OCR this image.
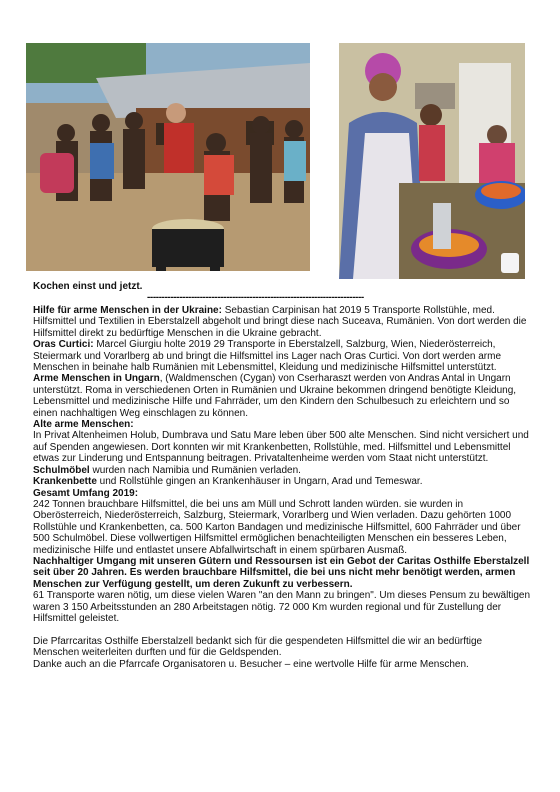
Kochen einst und jetzt.

--------------------------------------------------------------------------

Hilfe für arme Menschen in der Ukraine: Sebastian Carpinisan hat 2019 5 Transporte Rollstühle, med. Hilfsmittel und Textilien in Eberstalzell abgeholt und bringt diese nach Suceava, Rumänien. Von dort werden die Hilfsmittel direkt zu bedürftige Menschen in die Ukraine gebracht.

Oras Curtici: Marcel Giurgiu holte 2019 29 Transporte in Eberstalzell, Salzburg, Wien, Niederösterreich, Steiermark und Vorarlberg ab und bringt die Hilfsmittel ins Lager nach Oras Curtici. Von dort werden arme Menschen in beinahe halb Rumänien mit Lebensmittel, Kleidung und medizinische Hilfsmittel unterstützt.

Arme Menschen in Ungarn, (Waldmenschen (Cygan) von Cserharaszt werden von Andras Antal in Ungarn unterstützt. Roma in verschiedenen Orten in Rumänien und Ukraine bekommen dringend benötigte Kleidung, Lebensmittel und medizinische Hilfe und Fahrräder, um den Kindern den Schulbesuch zu erleichtern und so einen nachhaltigen Weg einschlagen zu können.

Alte arme Menschen:

In Privat Altenheimen Holub, Dumbrava und Satu Mare leben über 500 alte Menschen. Sind nicht versichert und auf Spenden angewiesen. Dort konnten wir mit Krankenbetten, Rollstühle, med. Hilfsmittel und Lebensmittel etwas zur Linderung und Entspannung beitragen. Privataltenheime werden vom Staat nicht unterstützt.

Schulmöbel wurden nach Namibia und Rumänien verladen.

Krankenbette und Rollstühle gingen an Krankenhäuser in Ungarn, Arad und Temeswar.

Gesamt Umfang 2019:

242 Tonnen brauchbare Hilfsmittel, die bei uns am Müll und Schrott landen würden. sie wurden in Oberösterreich, Niederösterreich, Salzburg, Steiermark, Vorarlberg und Wien verladen. Dazu gehörten 1000 Rollstühle und Krankenbetten, ca. 500 Karton Bandagen und medizinische Hilfsmittel, 600 Fahrräder und über 500 Schulmöbel. Diese vollwertigen Hilfsmittel ermöglichen benachteiligten Menschen ein besseres Leben, medizinische Hilfe und entlastet unsere Abfallwirtschaft in einem spürbaren Ausmaß.

Nachhaltiger Umgang mit unseren Gütern und Ressoursen ist ein Gebot der Caritas Osthilfe Eberstalzell seit über 20 Jahren. Es werden brauchbare Hilfsmittel, die bei uns nicht mehr benötigt werden, armen Menschen zur Verfügung gestellt, um deren Zukunft zu verbessern.

61 Transporte waren nötig, um diese vielen Waren "an den Mann zu bringen". Um dieses Pensum zu bewältigen waren 3 150 Arbeitsstunden an 280 Arbeitstagen nötig. 72 000 Km wurden regional und für Zustellung der Hilfsmittel geleistet.

Die Pfarrcaritas Osthilfe Eberstalzell bedankt sich für die gespendeten Hilfsmittel die wir an bedürftige Menschen weiterleiten durften und für die Geldspenden.

Danke auch an die Pfarrcafe Organisatoren u. Besucher – eine wertvolle Hilfe für arme Menschen.
